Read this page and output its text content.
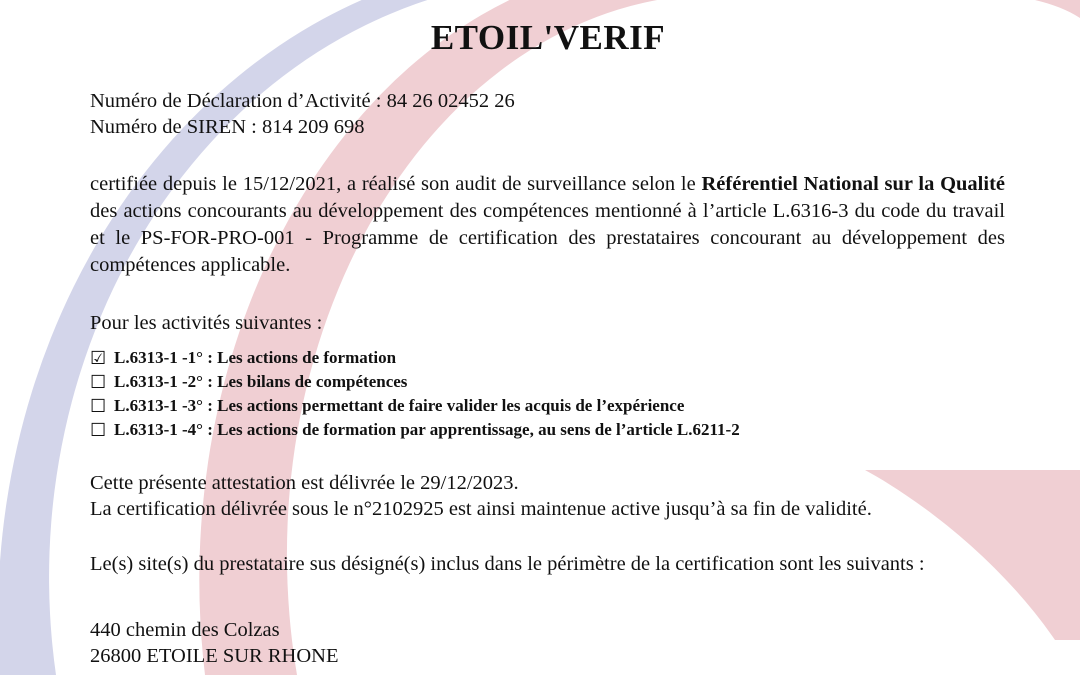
ETOIL'VERIF
Numéro de Déclaration d’Activité : 84 26 02452 26
Numéro de SIREN : 814 209 698
certifiée depuis le 15/12/2021, a réalisé son audit de surveillance selon le Référentiel National sur la Qualité des actions concourants au développement des compétences mentionné à l’article L.6316-3 du code du travail et le PS-FOR-PRO-001 - Programme de certification des prestataires concourant au développement des compétences applicable.
Pour les activités suivantes :
☑ L.6313-1 -1° : Les actions de formation
☐ L.6313-1 -2° : Les bilans de compétences
☐ L.6313-1 -3° : Les actions permettant de faire valider les acquis de l’expérience
☐ L.6313-1 -4° : Les actions de formation par apprentissage, au sens de l’article L.6211-2
Cette présente attestation est délivrée le 29/12/2023.
La certification délivrée sous le n°2102925 est ainsi maintenue active jusqu’à sa fin de validité.
Le(s) site(s) du prestataire sus désigné(s) inclus dans le périmètre de la certification sont les suivants :
440 chemin des Colzas
26800 ETOILE SUR RHONE
